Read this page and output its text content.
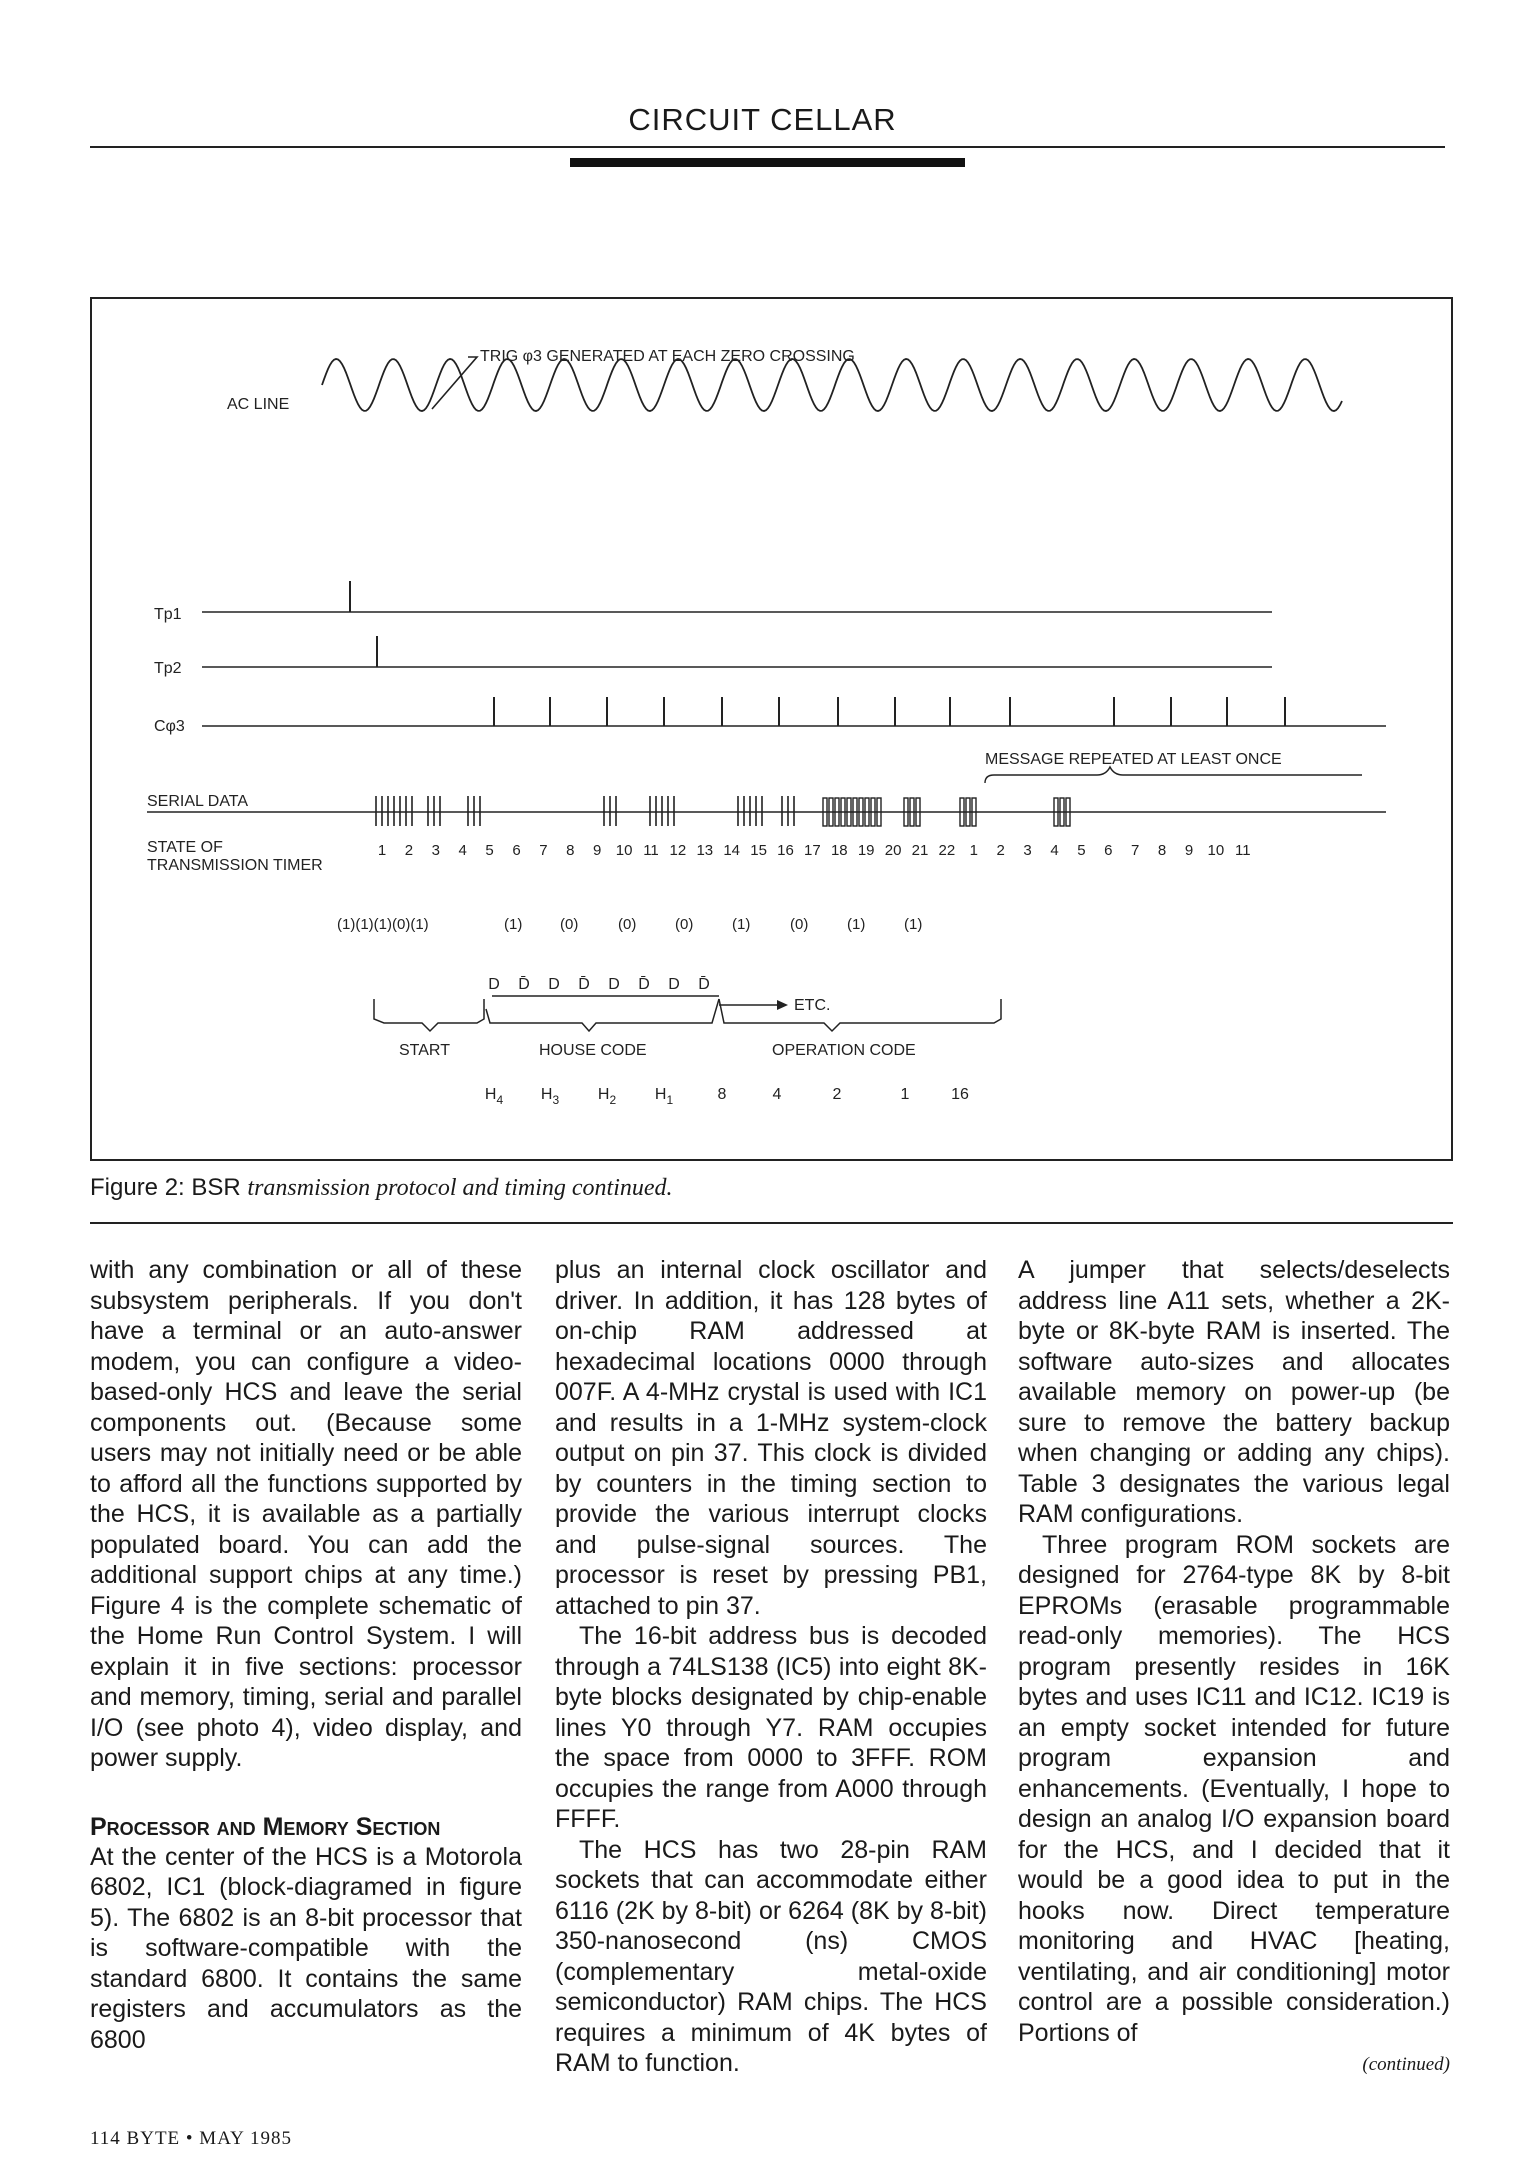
CIRCUIT CELLAR
TRIG φ3 GENERATED AT EACH ZERO CROSSING
AC LINE
Tp1
Tp2
Cφ3
MESSAGE REPEATED AT LEAST ONCE
SERIAL DATA
STATE OF
TRANSMISSION TIMER
1 2 3 4 5 6 7 8 9 10 11 12 13 14 15 16 17 18 19 20 21 22 1 2 3 4 5 6 7 8 9 10 11
(1)(1)(1)(0)(1)	(1)	(0)	(0)	(0)	(1)	(0)	(1)	(1)
D D̄ D D̄ D D̄ D D̄
ETC.
START	HOUSE CODE	OPERATION CODE
$H_4$ $H_3$ $H_2$ $H_1$	8	4	2	1	16
Figure 2: BSR transmission protocol and timing continued.

with any combination or all of these subsystem peripherals. If you don't have a terminal or an auto-answer modem, you can configure a video-based-only HCS and leave the serial components out. (Because some users may not initially need or be able to afford all the functions supported by the HCS, it is available as a partially populated board. You can add the additional support chips at any time.) Figure 4 is the complete schematic of the Home Run Control System. I will explain it in five sections: processor and memory, timing, serial and parallel I/O (see photo 4), video display, and power supply.

Processor and Memory Section

At the center of the HCS is a Motorola 6802, IC1 (block-diagramed in figure 5). The 6802 is an 8-bit processor that is software-compatible with the standard 6800. It contains the same registers and accumulators as the 6800

plus an internal clock oscillator and driver. In addition, it has 128 bytes of on-chip RAM addressed at hexadecimal locations 0000 through 007F. A 4-MHz crystal is used with IC1 and results in a 1-MHz system-clock output on pin 37. This clock is divided by counters in the timing section to provide the various interrupt clocks and pulse-signal sources. The processor is reset by pressing PB1, attached to pin 37.

The 16-bit address bus is decoded through a 74LS138 (IC5) into eight 8K-byte blocks designated by chip-enable lines Y0 through Y7. RAM occupies the space from 0000 to 3FFF. ROM occupies the range from A000 through FFFF.

The HCS has two 28-pin RAM sockets that can accommodate either 6116 (2K by 8-bit) or 6264 (8K by 8-bit) 350-nanosecond (ns) CMOS (complementary metal-oxide semiconductor) RAM chips. The HCS requires a minimum of 4K bytes of RAM to function.

A jumper that selects/deselects address line A11 sets, whether a 2K-byte or 8K-byte RAM is inserted. The software auto-sizes and allocates available memory on power-up (be sure to remove the battery backup when changing or adding any chips). Table 3 designates the various legal RAM configurations.

Three program ROM sockets are designed for 2764-type 8K by 8-bit EPROMs (erasable programmable read-only memories). The HCS program presently resides in 16K bytes and uses IC11 and IC12. IC19 is an empty socket intended for future program expansion and enhancements. (Eventually, I hope to design an analog I/O expansion board for the HCS, and I decided that it would be a good idea to put in the hooks now. Direct temperature monitoring and HVAC [heating, ventilating, and air conditioning] motor control are a possible consideration.) Portions of

(continued)
114 BYTE • MAY 1985
